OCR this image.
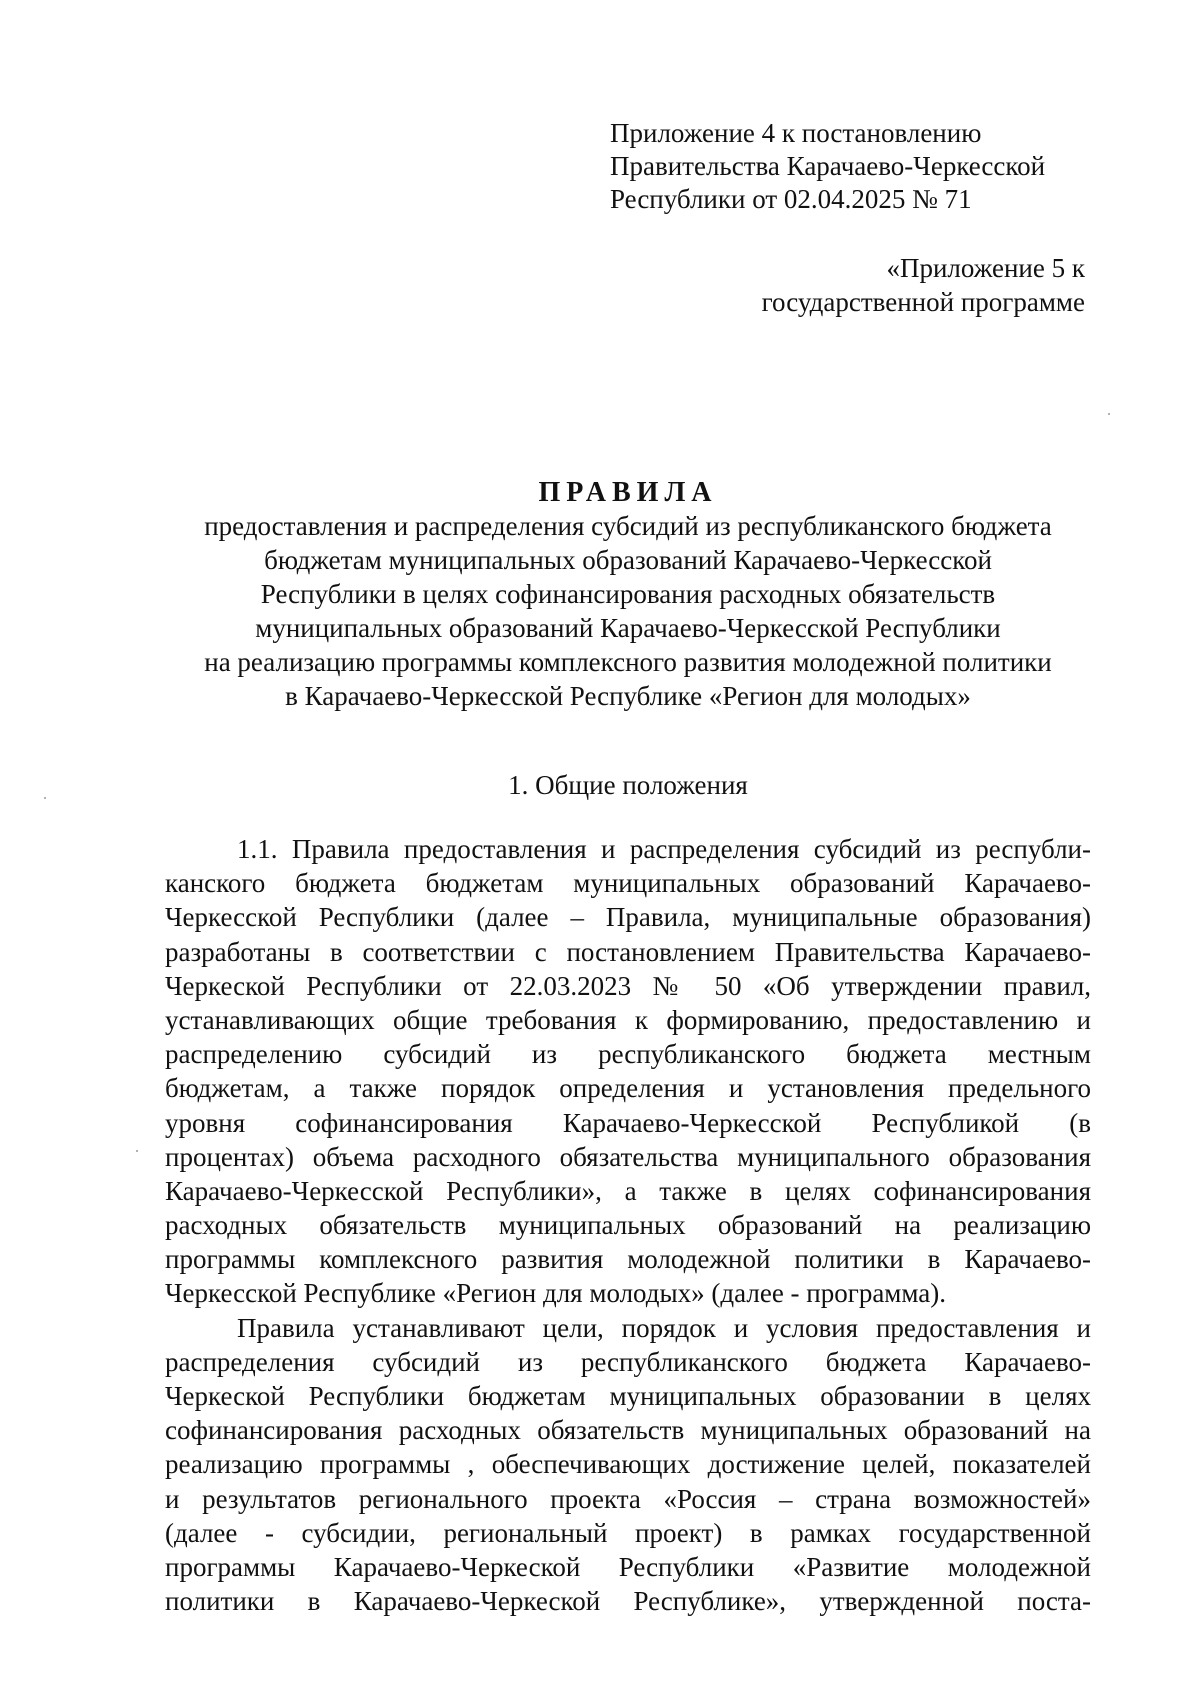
Приложение 4 к постановлению
Правительства Карачаево-Черкесской
Республики от 02.04.2025 № 71
«Приложение 5 к
государственной программе
ПРАВИЛА
предоставления и распределения субсидий из республиканского бюджета
бюджетам муниципальных образований Карачаево-Черкесской
Республики в целях софинансирования расходных обязательств
муниципальных образований Карачаево-Черкесской Республики
на реализацию программы комплексного развития молодежной политики
в Карачаево-Черкесской Республике «Регион для молодых»
1. Общие положения
1.1. Правила предоставления и распределения субсидий из республи-
канского бюджета бюджетам муниципальных образований Карачаево-
Черкесской Республики (далее – Правила, муниципальные образования)
разработаны в соответствии с постановлением Правительства Карачаево-
Черкеской Республики от 22.03.2023 № 50 «Об утверждении правил,
устанавливающих общие требования к формированию, предоставлению и
распределению субсидий из республиканского бюджета местным
бюджетам, а также порядок определения и установления предельного
уровня софинансирования Карачаево-Черкесской Республикой (в
процентах) объема расходного обязательства муниципального образования
Карачаево-Черкесской Республики», а также в целях софинансирования
расходных обязательств муниципальных образований на реализацию
программы комплексного развития молодежной политики в Карачаево-
Черкесской Республике «Регион для молодых» (далее - программа).
Правила устанавливают цели, порядок и условия предоставления и
распределения субсидий из республиканского бюджета Карачаево-
Черкеской Республики бюджетам муниципальных образовании в целях
софинансирования расходных обязательств муниципальных образований на
реализацию программы , обеспечивающих достижение целей, показателей
и результатов регионального проекта «Россия – страна возможностей»
(далее - субсидии, региональный проект) в рамках государственной
программы Карачаево-Черкеской Республики «Развитие молодежной
политики в Карачаево-Черкеской Республике», утвержденной поста-
